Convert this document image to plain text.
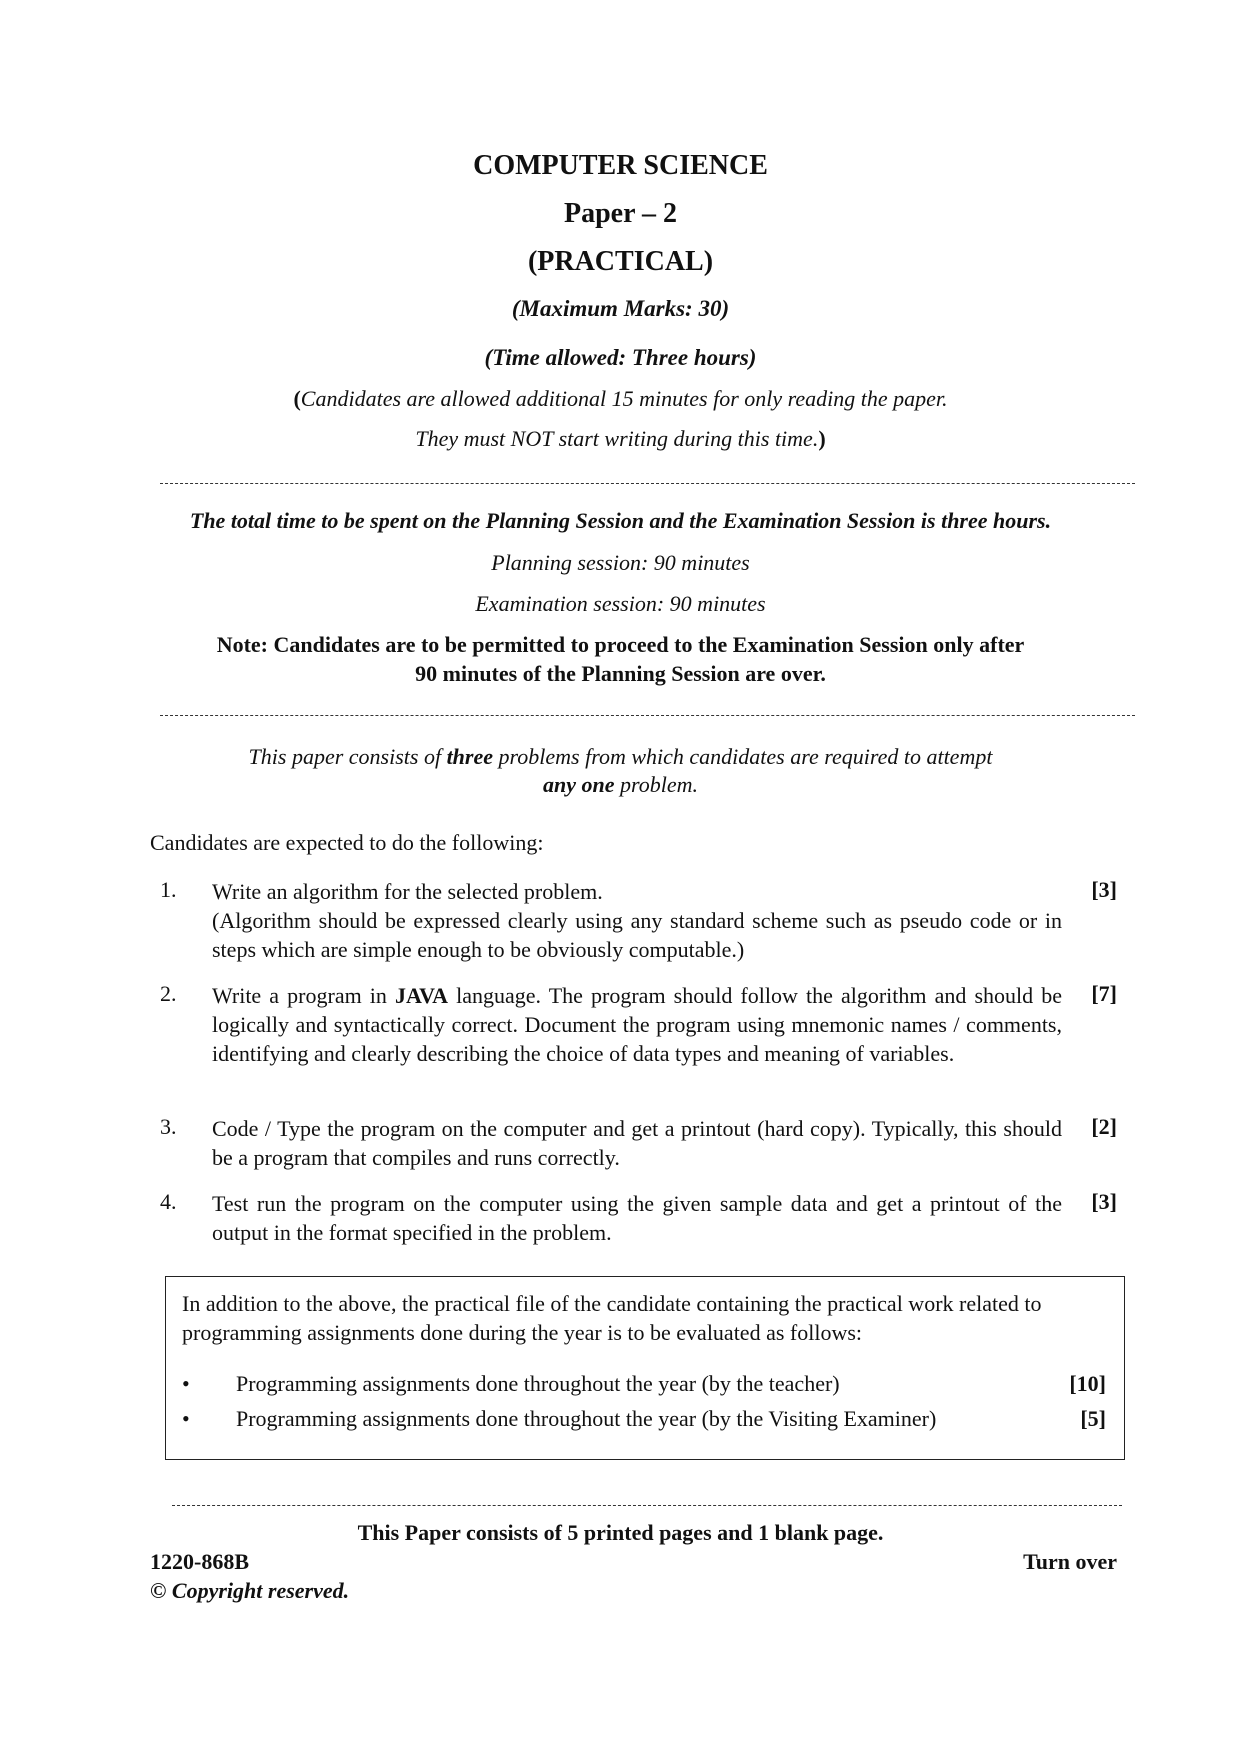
COMPUTER SCIENCE
Paper – 2
(PRACTICAL)
(Maximum Marks: 30)
(Time allowed: Three hours)
(Candidates are allowed additional 15 minutes for only reading the paper.
They must NOT start writing during this time.)
The total time to be spent on the Planning Session and the Examination Session is three hours.
Planning session: 90 minutes
Examination session: 90 minutes
Note: Candidates are to be permitted to proceed to the Examination Session only after
90 minutes of the Planning Session are over.
This paper consists of three problems from which candidates are required to attempt
any one problem.
Candidates are expected to do the following:
1. Write an algorithm for the selected problem.
(Algorithm should be expressed clearly using any standard scheme such as pseudo code or in steps which are simple enough to be obviously computable.)
[3]
2. Write a program in JAVA language. The program should follow the algorithm and should be logically and syntactically correct. Document the program using mnemonic names / comments, identifying and clearly describing the choice of data types and meaning of variables.
[7]
3. Code / Type the program on the computer and get a printout (hard copy). Typically, this should be a program that compiles and runs correctly.
[2]
4. Test run the program on the computer using the given sample data and get a printout of the output in the format specified in the problem.
[3]
In addition to the above, the practical file of the candidate containing the practical work related to programming assignments done during the year is to be evaluated as follows:
• Programming assignments done throughout the year (by the teacher)	[10]
• Programming assignments done throughout the year (by the Visiting Examiner)	[5]
This Paper consists of 5 printed pages and 1 blank page.
1220-868B	Turn over
© Copyright reserved.
